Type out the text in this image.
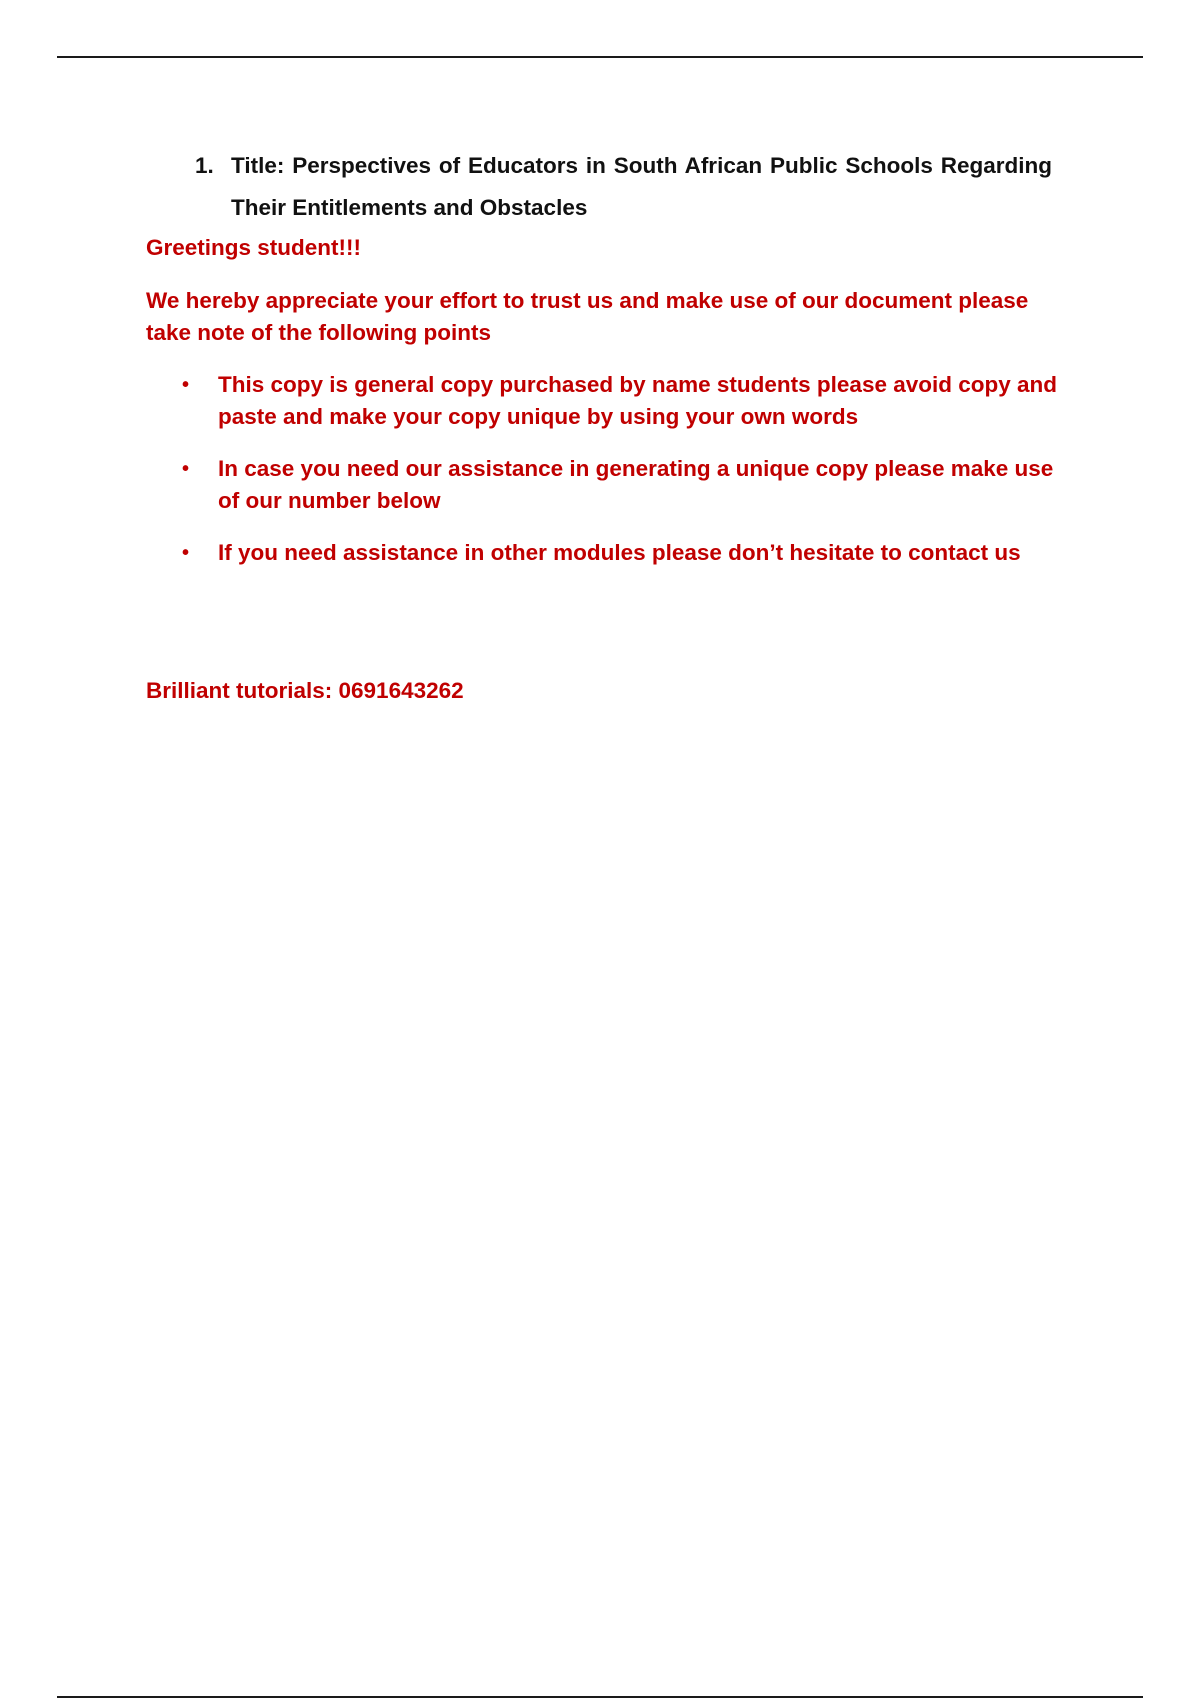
1. Title: Perspectives of Educators in South African Public Schools Regarding Their Entitlements and Obstacles
Greetings student!!!
We hereby appreciate your effort to trust us and make use of our document please take note of the following points
• This copy is general copy purchased by name students please avoid copy and paste and make your copy unique by using your own words
• In case you need our assistance in generating a unique copy please make use of our number below
• If you need assistance in other modules please don’t hesitate to contact us
Brilliant tutorials: 0691643262
